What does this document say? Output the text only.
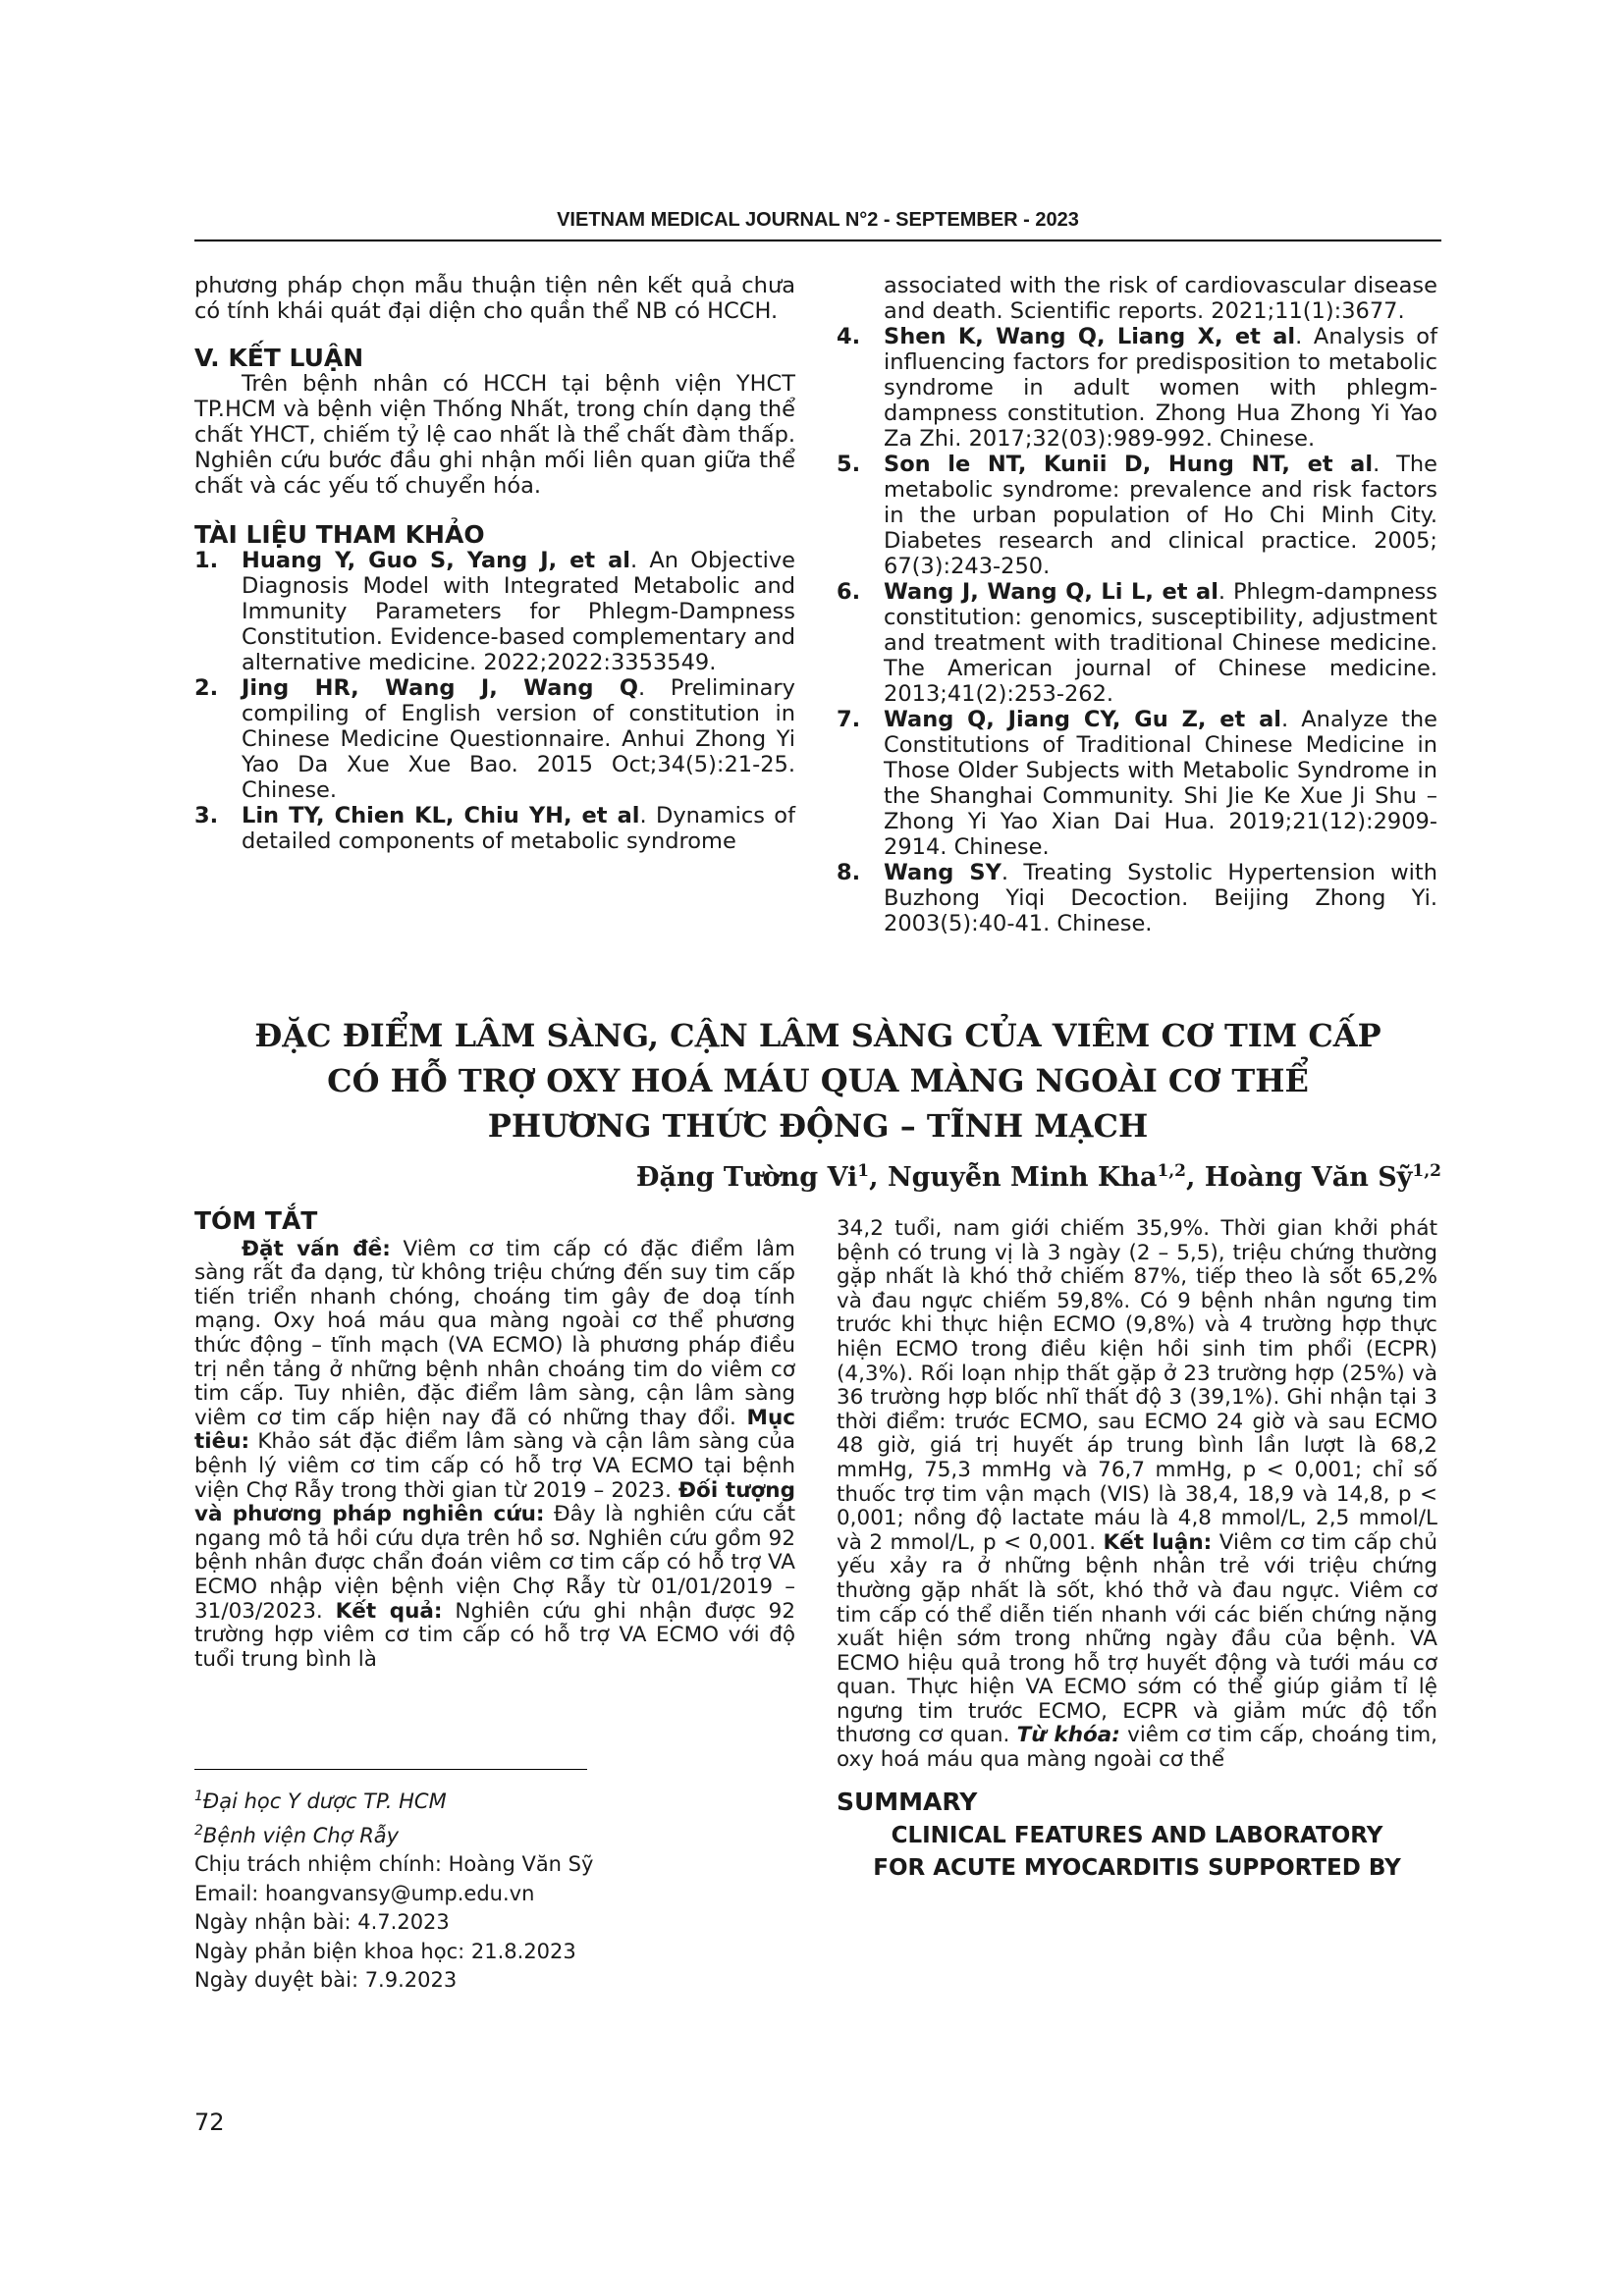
VIETNAM MEDICAL JOURNAL N°2 - SEPTEMBER - 2023

phương pháp chọn mẫu thuận tiện nên kết quả chưa có tính khái quát đại diện cho quần thể NB có HCCH.

V. KẾT LUẬN

Trên bệnh nhân có HCCH tại bệnh viện YHCT TP.HCM và bệnh viện Thống Nhất, trong chín dạng thể chất YHCT, chiếm tỷ lệ cao nhất là thể chất đàm thấp. Nghiên cứu bước đầu ghi nhận mối liên quan giữa thể chất và các yếu tố chuyển hóa.

TÀI LIỆU THAM KHẢO
1. Huang Y, Guo S, Yang J, et al. An Objective Diagnosis Model with Integrated Metabolic and Immunity Parameters for Phlegm-Dampness Constitution. Evidence-based complementary and alternative medicine. 2022;2022:3353549.
2. Jing HR, Wang J, Wang Q. Preliminary compiling of English version of constitution in Chinese Medicine Questionnaire. Anhui Zhong Yi Yao Da Xue Xue Bao. 2015 Oct;34(5):21-25. Chinese.
3. Lin TY, Chien KL, Chiu YH, et al. Dynamics of detailed components of metabolic syndrome

associated with the risk of cardiovascular disease and death. Scientific reports. 2021;11(1):3677.

4. Shen K, Wang Q, Liang X, et al. Analysis of influencing factors for predisposition to metabolic syndrome in adult women with phlegm-dampness constitution. Zhong Hua Zhong Yi Yao Za Zhi. 2017;32(03):989-992. Chinese.
5. Son le NT, Kunii D, Hung NT, et al. The metabolic syndrome: prevalence and risk factors in the urban population of Ho Chi Minh City. Diabetes research and clinical practice. 2005; 67(3):243-250.
6. Wang J, Wang Q, Li L, et al. Phlegm-dampness constitution: genomics, susceptibility, adjustment and treatment with traditional Chinese medicine. The American journal of Chinese medicine. 2013;41(2):253-262.
7. Wang Q, Jiang CY, Gu Z, et al. Analyze the Constitutions of Traditional Chinese Medicine in Those Older Subjects with Metabolic Syndrome in the Shanghai Community. Shi Jie Ke Xue Ji Shu – Zhong Yi Yao Xian Dai Hua. 2019;21(12):2909-2914. Chinese.
8. Wang SY. Treating Systolic Hypertension with Buzhong Yiqi Decoction. Beijing Zhong Yi. 2003(5):40-41. Chinese.
ĐẶC ĐIỂM LÂM SÀNG, CẬN LÂM SÀNG CỦA VIÊM CƠ TIM CẤP
CÓ HỖ TRỢ OXY HOÁ MÁU QUA MÀNG NGOÀI CƠ THỂ
PHƯƠNG THỨC ĐỘNG – TĨNH MẠCH
Đặng Tường Vi$^1$, Nguyễn Minh Kha$^{1,2}$, Hoàng Văn Sỹ$^{1,2}$
TÓM TẮT

Đặt vấn đề: Viêm cơ tim cấp có đặc điểm lâm sàng rất đa dạng, từ không triệu chứng đến suy tim cấp tiến triển nhanh chóng, choáng tim gây đe doạ tính mạng. Oxy hoá máu qua màng ngoài cơ thể phương thức động – tĩnh mạch (VA ECMO) là phương pháp điều trị nền tảng ở những bệnh nhân choáng tim do viêm cơ tim cấp. Tuy nhiên, đặc điểm lâm sàng, cận lâm sàng viêm cơ tim cấp hiện nay đã có những thay đổi. Mục tiêu: Khảo sát đặc điểm lâm sàng và cận lâm sàng của bệnh lý viêm cơ tim cấp có hỗ trợ VA ECMO tại bệnh viện Chợ Rẫy trong thời gian từ 2019 – 2023. Đối tượng và phương pháp nghiên cứu: Đây là nghiên cứu cắt ngang mô tả hồi cứu dựa trên hồ sơ. Nghiên cứu gồm 92 bệnh nhân được chẩn đoán viêm cơ tim cấp có hỗ trợ VA ECMO nhập viện bệnh viện Chợ Rẫy từ 01/01/2019 – 31/03/2023. Kết quả: Nghiên cứu ghi nhận được 92 trường hợp viêm cơ tim cấp có hỗ trợ VA ECMO với độ tuổi trung bình là

34,2 tuổi, nam giới chiếm 35,9%. Thời gian khởi phát bệnh có trung vị là 3 ngày (2 – 5,5), triệu chứng thường gặp nhất là khó thở chiếm 87%, tiếp theo là sốt 65,2% và đau ngực chiếm 59,8%. Có 9 bệnh nhân ngưng tim trước khi thực hiện ECMO (9,8%) và 4 trường hợp thực hiện ECMO trong điều kiện hồi sinh tim phổi (ECPR) (4,3%). Rối loạn nhịp thất gặp ở 23 trường hợp (25%) và 36 trường hợp blốc nhĩ thất độ 3 (39,1%). Ghi nhận tại 3 thời điểm: trước ECMO, sau ECMO 24 giờ và sau ECMO 48 giờ, giá trị huyết áp trung bình lần lượt là 68,2 mmHg, 75,3 mmHg và 76,7 mmHg, p < 0,001; chỉ số thuốc trợ tim vận mạch (VIS) là 38,4, 18,9 và 14,8, p < 0,001; nồng độ lactate máu là 4,8 mmol/L, 2,5 mmol/L và 2 mmol/L, p < 0,001. Kết luận: Viêm cơ tim cấp chủ yếu xảy ra ở những bệnh nhân trẻ với triệu chứng thường gặp nhất là sốt, khó thở và đau ngực. Viêm cơ tim cấp có thể diễn tiến nhanh với các biến chứng nặng xuất hiện sớm trong những ngày đầu của bệnh. VA ECMO hiệu quả trong hỗ trợ huyết động và tưới máu cơ quan. Thực hiện VA ECMO sớm có thể giúp giảm tỉ lệ ngưng tim trước ECMO, ECPR và giảm mức độ tổn thương cơ quan. Từ khóa: viêm cơ tim cấp, choáng tim, oxy hoá máu qua màng ngoài cơ thể

SUMMARY
CLINICAL FEATURES AND LABORATORY
FOR ACUTE MYOCARDITIS SUPPORTED BY
$^1$Đại học Y dược TP. HCM
$^2$Bệnh viện Chợ Rẫy
Chịu trách nhiệm chính: Hoàng Văn Sỹ
Email: hoangvansy@ump.edu.vn
Ngày nhận bài: 4.7.2023
Ngày phản biện khoa học: 21.8.2023
Ngày duyệt bài: 7.9.2023
72
